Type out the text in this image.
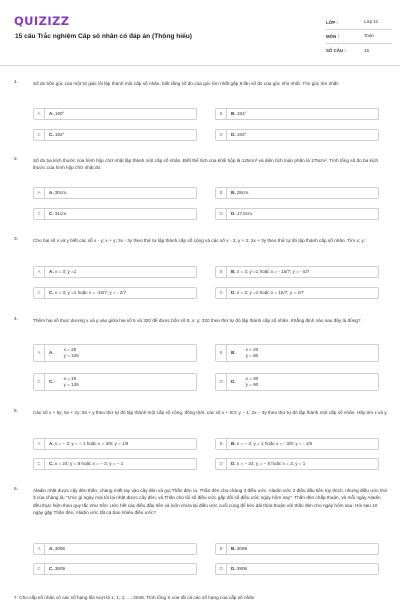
QUIZIZZ
15 câu Trắc nghiệm Cấp số nhân có đáp án (Thông hiểu)
LỚP :	Lớp 11
MÔN :	Toán
SỐ CÂU :	15
1.	Số đo bốn góc của một tứ giác lồi lập thành một cấp số nhân, biết rằng số đo của góc lớn nhất gấp 8 lần số đo của góc nhỏ nhất. Tìm góc lớn nhất:
A	A. 190°	B	B. 191°
C	C. 192°	D	D. 193°
2.	Số đo ba kích thước của hình hộp chữ nhật lập thành một cấp số nhân. Biết thể tích của khối hộp là 125cm³ và diện tích toàn phần là 175cm². Tính tổng số đo ba kích thước của hình hộp chữ nhật đó.
A	A. 30cm.	B	B. 28cm.
C	C. 31cm.	D	D. 17,5cm.
3.	Cho hai số x và y biết các số x - y; x + y; 3x - 3y theo thứ tự lập thành cấp số cộng và các số x - 2; y + 2; 2x + 3y theo thứ tự đó lập thành cấp số nhân. Tìm x; y:
A	A. x = 3; y =1	B	B. x = 3; y =1 hoặc x = - 15/7; y = - 5/7
C	C. x = 3; y =1 hoặc x = -15/7; y = - 2/7	D	D. x = 3; y =1 hoặc x = 15/7; y = 2/7
4.	Thêm hai số thực dương x và y vào giữa hai số 5 và 320 để được bốn số 5; x; y; 320 theo thứ tự đó lập thành cấp số nhân. Khẳng định nào sau đây là đúng?
A	A.
x = 25
y = 125
B	B.
x = 20
y = 80
C	C.
x = 15
y = 145
D	D.
x = 30
y = 90
5.	Các số x + 6y; 5x + 2y; 8x + y theo thứ tự đó lập thành một cấp số cộng, đồng thời, các số x + 5/3; y − 1; 2x − 3y theo thứ tự đó lập thành một cấp số nhân. Hãy tìm x và y.
A	A. x = − 3; y = − 1 hoặc x = 3/8; y = 1/8	B	B. x = − 3; y = 1 hoặc x = - 3/8; y = - 1/8
C	C. x = 24; y = 8 hoặc x = − 3; y = − 1	D	D. x = − 24; y = − 8 hoặc x = 3; y = 1
6.	Aladin nhặt được cây đèn thần, chàng miết tay vào cây đèn và gọi Thần đèn ra. Thần đèn cho chàng 3 điều ước. Aladin ước 2 điều đầu tiên tùy thích, nhưng điều ước thứ 3 của chàng là: "Ước gì ngày mai tôi lại nhặt được cây đèn, và Thần cho tôi số điều ước gấp đôi số điều ước ngày hôm nay". Thần đèn chấp thuận, và mỗi ngày Aladin đều thực hiện theo quy tắc như trên: ước hết các điều đầu tiên và luôn chừa lại điều ước cuối cùng để kéo dài thỏa thuận với thần đèn cho ngày hôm sau. Hỏi sau 10 ngày gặp Thần đèn, Aladin ước tất cả bao nhiêu điều ước?
A	A. 3096	B	B. 3069
C	C. 3609	D	D. 3906
7. Cho cấp số nhân có các số hạng lần lượt là 1; 1; 1; ...; 2048. Tính tổng S của tất cả các số hạng của cấp số nhân
